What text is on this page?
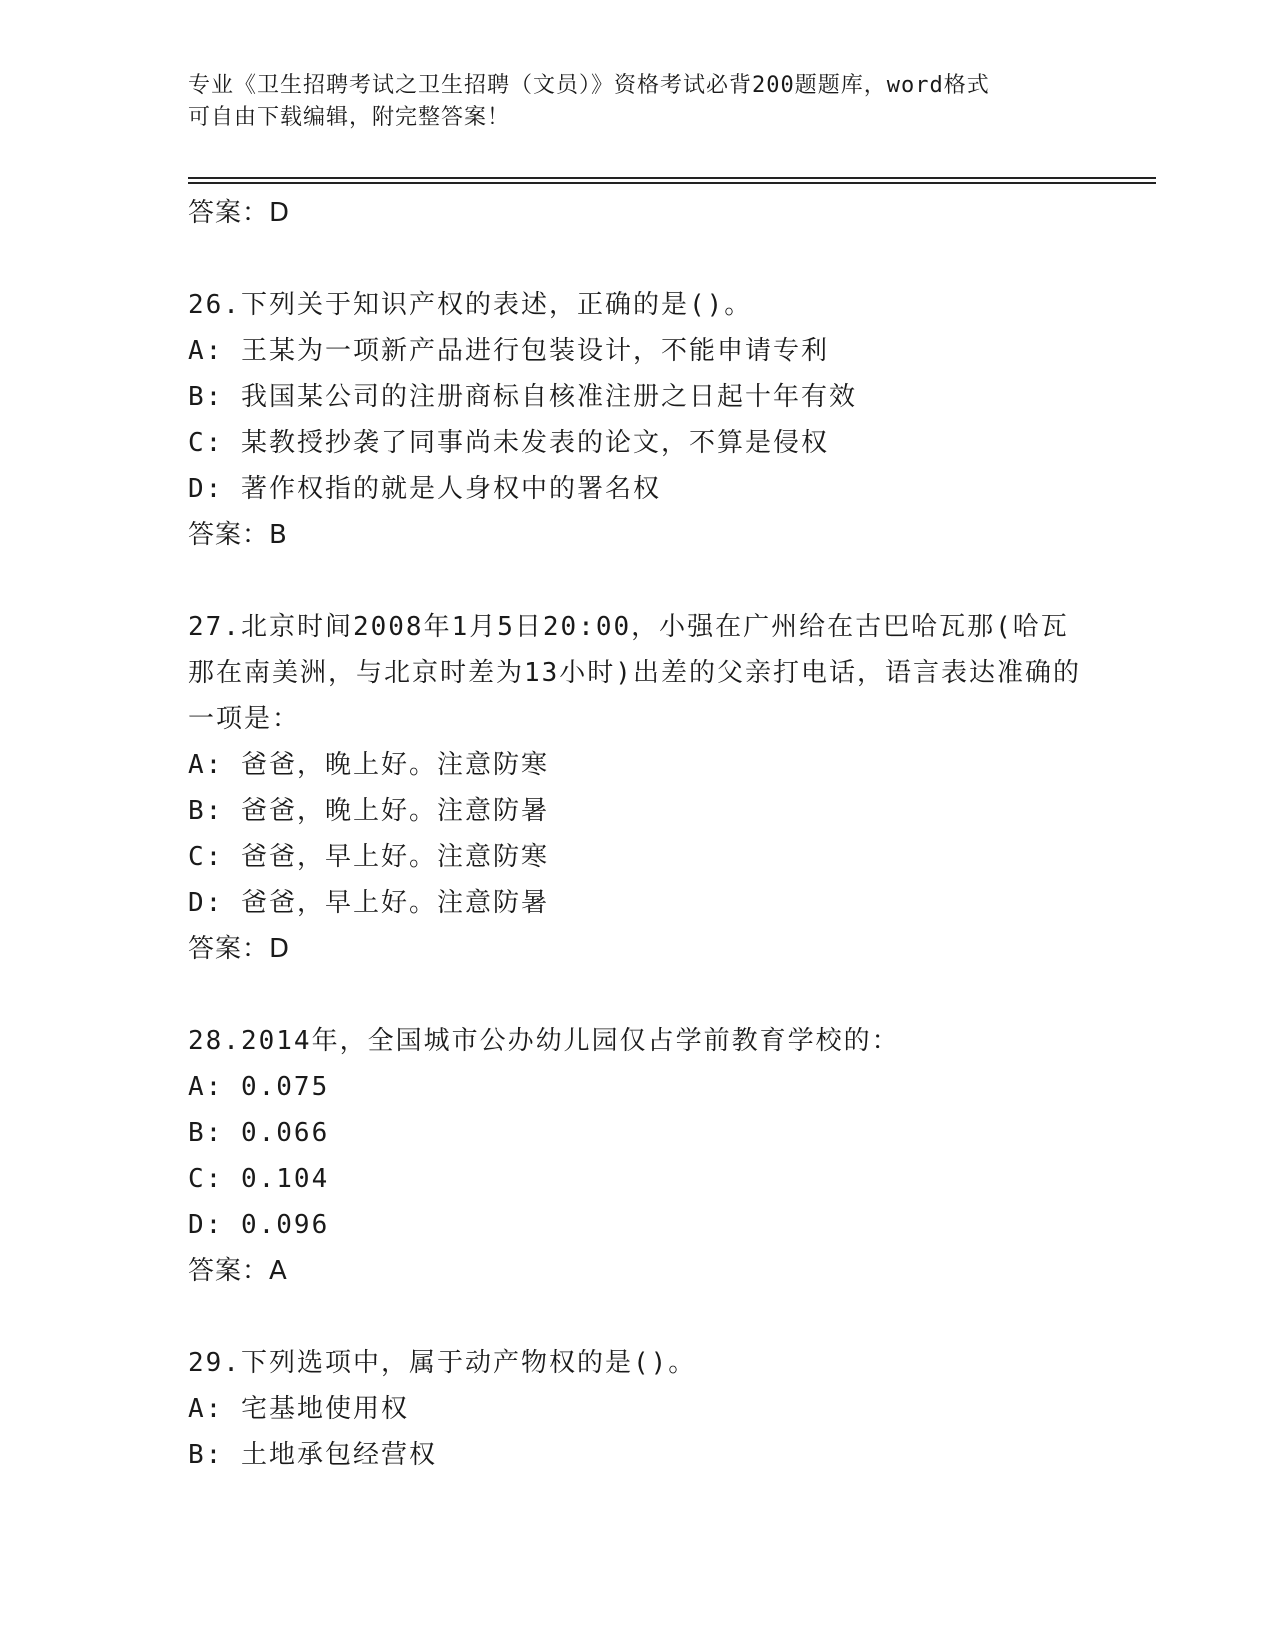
专业《卫生招聘考试之卫生招聘（文员）》资格考试必背200题题库，word格式
可自由下载编辑，附完整答案！
答案：D
26.下列关于知识产权的表述，正确的是()。
A: 王某为一项新产品进行包装设计，不能申请专利
B: 我国某公司的注册商标自核准注册之日起十年有效
C: 某教授抄袭了同事尚未发表的论文，不算是侵权
D: 著作权指的就是人身权中的署名权
答案：B
27.北京时间2008年1月5日20:00，小强在广州给在古巴哈瓦那(哈瓦那在南美洲，与北京时差为13小时)出差的父亲打电话，语言表达准确的一项是：
A: 爸爸，晚上好。注意防寒
B: 爸爸，晚上好。注意防暑
C: 爸爸，早上好。注意防寒
D: 爸爸，早上好。注意防暑
答案：D
28.2014年，全国城市公办幼儿园仅占学前教育学校的：
A: 0.075
B: 0.066
C: 0.104
D: 0.096
答案：A
29.下列选项中，属于动产物权的是()。
A: 宅基地使用权
B: 土地承包经营权
